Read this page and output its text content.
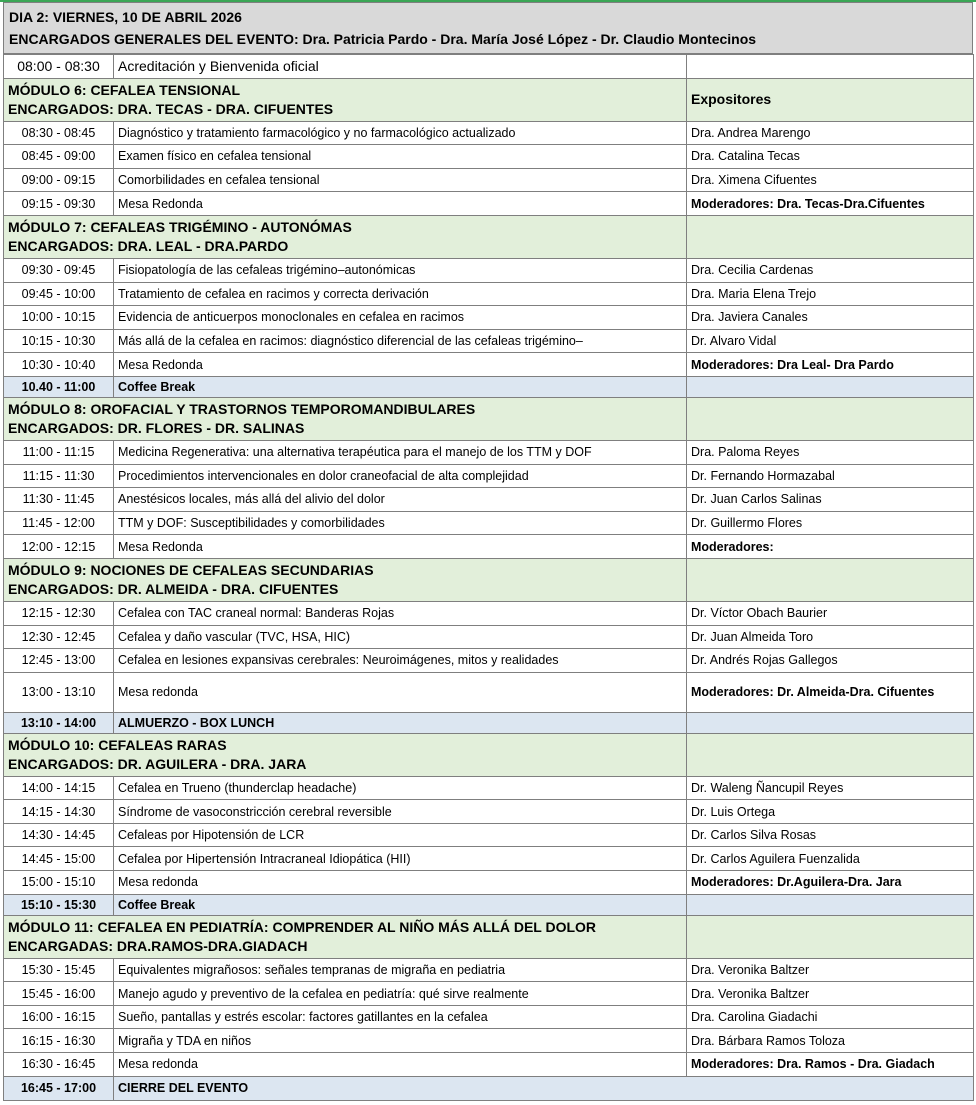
DIA 2: VIERNES, 10 DE ABRIL 2026
ENCARGADOS GENERALES DEL EVENTO: Dra. Patricia Pardo - Dra. María José López - Dr. Claudio Montecinos
08:00 - 08:30	Acreditación y Bienvenida oficial	

MÓDULO 6: CEFALEA TENSIONAL
ENCARGADOS: DRA. TECAS - DRA. CIFUENTES		Expositores
08:30 - 08:45	Diagnóstico y tratamiento farmacológico y no farmacológico actualizado	Dra. Andrea Marengo
08:45 - 09:00	Examen físico en cefalea tensional	Dra. Catalina Tecas
09:00 - 09:15	Comorbilidades en cefalea tensional	Dra. Ximena Cifuentes
09:15 - 09:30	Mesa Redonda	Moderadores: Dra. Tecas-Dra.Cifuentes

MÓDULO 7: CEFALEAS TRIGÉMINO - AUTONÓMAS
ENCARGADOS: DRA. LEAL - DRA.PARDO		

09:30 - 09:45	Fisiopatología de las cefaleas trigémino–autonómicas	Dra. Cecilia Cardenas
09:45 - 10:00	Tratamiento de cefalea en racimos y correcta derivación	Dra. Maria Elena Trejo
10:00 - 10:15	Evidencia de anticuerpos monoclonales en cefalea en racimos	Dra. Javiera Canales
10:15 - 10:30	Más allá de la cefalea en racimos: diagnóstico diferencial de las cefaleas trigémino–	Dr. Alvaro Vidal
10:30 - 10:40	Mesa Redonda	Moderadores: Dra Leal- Dra Pardo
10.40 - 11:00	Coffee Break	

MÓDULO 8: OROFACIAL Y TRASTORNOS TEMPOROMANDIBULARES
ENCARGADOS: DR. FLORES - DR. SALINAS		

11:00 - 11:15	Medicina Regenerativa: una alternativa terapéutica para el manejo de los TTM y DOF	Dra. Paloma Reyes
11:15 - 11:30	Procedimientos intervencionales en dolor craneofacial de alta complejidad	Dr. Fernando Hormazabal
11:30 - 11:45	Anestésicos locales, más allá del alivio del dolor	Dr. Juan Carlos Salinas
11:45 - 12:00	TTM y DOF: Susceptibilidades y comorbilidades	Dr. Guillermo Flores
12:00 - 12:15	Mesa Redonda	Moderadores:

MÓDULO 9: NOCIONES DE CEFALEAS SECUNDARIAS
ENCARGADOS: DR. ALMEIDA - DRA. CIFUENTES		

12:15 - 12:30	Cefalea con TAC craneal normal: Banderas Rojas	Dr. Víctor Obach Baurier
12:30 - 12:45	Cefalea y daño vascular (TVC, HSA, HIC)	Dr. Juan Almeida Toro
12:45 - 13:00	Cefalea en lesiones expansivas cerebrales: Neuroimágenes, mitos y realidades	Dr. Andrés Rojas Gallegos
13:00 - 13:10	Mesa redonda	Moderadores: Dr. Almeida-Dra. Cifuentes
13:10 - 14:00	ALMUERZO - BOX LUNCH	

MÓDULO 10: CEFALEAS RARAS
ENCARGADOS: DR. AGUILERA - DRA. JARA		

14:00 - 14:15	Cefalea en Trueno (thunderclap headache)	Dr. Waleng Ñancupil Reyes
14:15 - 14:30	Síndrome de vasoconstricción cerebral reversible	Dr. Luis Ortega
14:30 - 14:45	Cefaleas por Hipotensión de LCR	Dr. Carlos Silva Rosas
14:45 - 15:00	Cefalea por Hipertensión Intracraneal Idiopática (HII)	Dr. Carlos Aguilera Fuenzalida
15:00 - 15:10	Mesa redonda	Moderadores: Dr.Aguilera-Dra. Jara
15:10 - 15:30	Coffee Break	

MÓDULO 11: CEFALEA EN PEDIATRÍA: COMPRENDER AL NIÑO MÁS ALLÁ DEL DOLOR
ENCARGADAS: DRA.RAMOS-DRA.GIADACH		

15:30 - 15:45	Equivalentes migrañosos: señales tempranas de migraña en pediatria	Dra. Veronika Baltzer
15:45 - 16:00	Manejo agudo y preventivo de la cefalea en pediatría: qué sirve realmente	Dra. Veronika Baltzer
16:00 - 16:15	Sueño, pantallas y estrés escolar: factores gatillantes en la cefalea	Dra. Carolina Giadachi
16:15 - 16:30	Migraña y TDA en niños	Dra. Bárbara Ramos Toloza
16:30 - 16:45	Mesa redonda	Moderadores: Dra. Ramos - Dra. Giadach
16:45 - 17:00	CIERRE DEL EVENTO	
